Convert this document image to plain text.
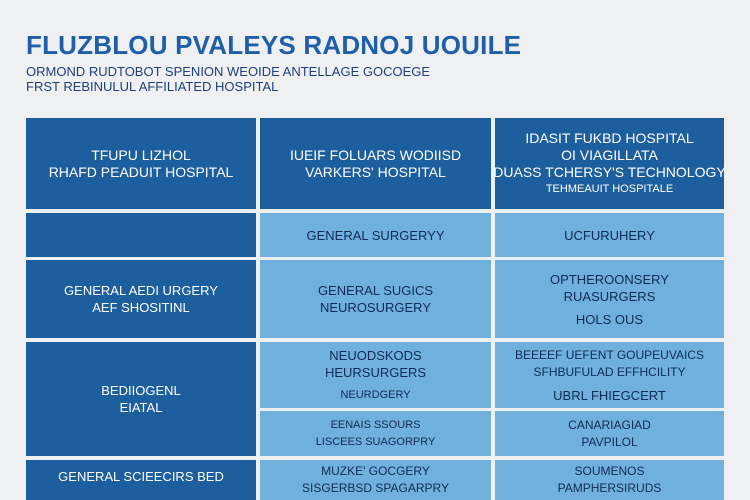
FLUZBLOU PVALEYS RADNOJ UOUILE
ORMOND RUDTOBOT SPENION WEOIDE ANTELLAGE GOCOEGE
FRST REBINULUL AFFILIATED HOSPITAL
TFUPU LIZHOL
RHAFD PEADUIT HOSPITAL
IUEIF FOLUARS WODIISD
VARKERS' HOSPITAL
IDASIT FUKBD HOSPITAL
OI VIAGILLATA
DUASS TCHERSY'S TECHNOLOGY
TEHMEAUIT HOSPITALE
GENERAL AEDI URGERY
AEF SHOSITINL
BEDIIOGENL
EIATAL
GENERAL SCIEECIRS BED
GENERAL SURGERYY
GENERAL SUGICS
NEUROSURGERY
NEUODSKODS
HEURSURGERS
NEURDGERY
EENAIS SSOURS
LISCEES SUAGORPRY
MUZKE' GOCGERY
SISGERBSD SPAGARPRY
UCFURUHERY
OPTHEROONSERY
RUASURGERS
HOLS OUS
BEEEEF UEFENT GOUPEUVAICS
SFHBUFULAD EFFHCILITY
UBRL FHIEGCERT
CANARIAGIAD
PAVPILOL
SOUMENOS
PAMPHERSIRUDS
